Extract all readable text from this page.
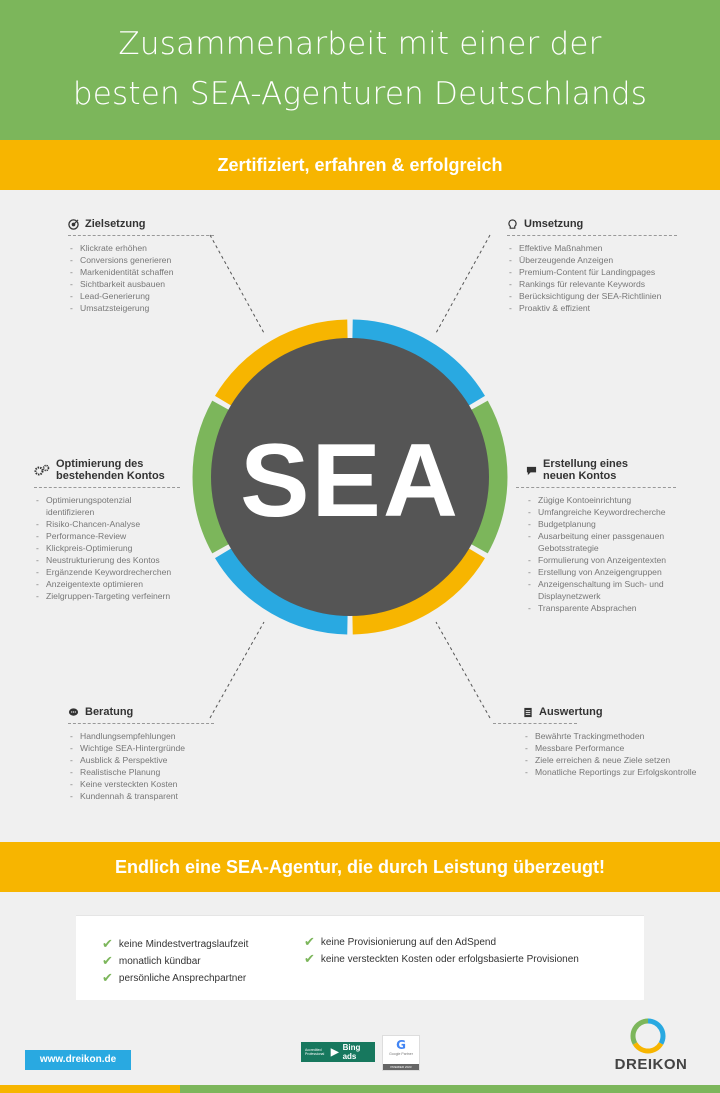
Zusammenarbeit mit einer der
besten SEA-Agenturen Deutschlands
Zertifiziert, erfahren & erfolgreich
SEA
Zielsetzung
- Klickrate erhöhen
- Conversions generieren
- Markenidentität schaffen
- Sichtbarkeit ausbauen
- Lead-Generierung
- Umsatzsteigerung
Umsetzung
- Effektive Maßnahmen
- Überzeugende Anzeigen
- Premium-Content für Landingpages
- Rankings für relevante Keywords
- Berücksichtigung der SEA-Richtlinien
- Proaktiv & effizient
Optimierung des
bestehenden Kontos
- Optimierungspotenzial identifizieren
- Risiko-Chancen-Analyse
- Performance-Review
- Klickpreis-Optimierung
- Neustrukturierung des Kontos
- Ergänzende Keywordrecherchen
- Anzeigentexte optimieren
- Zielgruppen-Targeting verfeinern
Erstellung eines
neuen Kontos
- Zügige Kontoeinrichtung
- Umfangreiche Keywordrecherche
- Budgetplanung
- Ausarbeitung einer passgenauen Gebotsstrategie
- Formulierung von Anzeigentexten
- Erstellung von Anzeigengruppen
- Anzeigenschaltung im Such- und Displaynetzwerk
- Transparente Absprachen
Beratung
- Handlungsempfehlungen
- Wichtige SEA-Hintergründe
- Ausblick & Perspektive
- Realistische Planung
- Keine versteckten Kosten
- Kundennah & transparent
Auswertung
- Bewährte Trackingmethoden
- Messbare Performance
- Ziele erreichen & neue Ziele setzen
- Monatliche Reportings zur Erfolgskontrolle
Endlich eine SEA-Agentur, die durch Leistung überzeugt!
✔ keine Mindestvertragslaufzeit
✔ monatlich kündbar
✔ persönliche Ansprechpartner
✔ keine Provisionierung auf den AdSpend
✔ keine versteckten Kosten oder erfolgsbasierte Provisionen
www.dreikon.de
Accredited Professional ▶ Bing ads
G
Google Partner
PREMIER 2023	DREIKON
